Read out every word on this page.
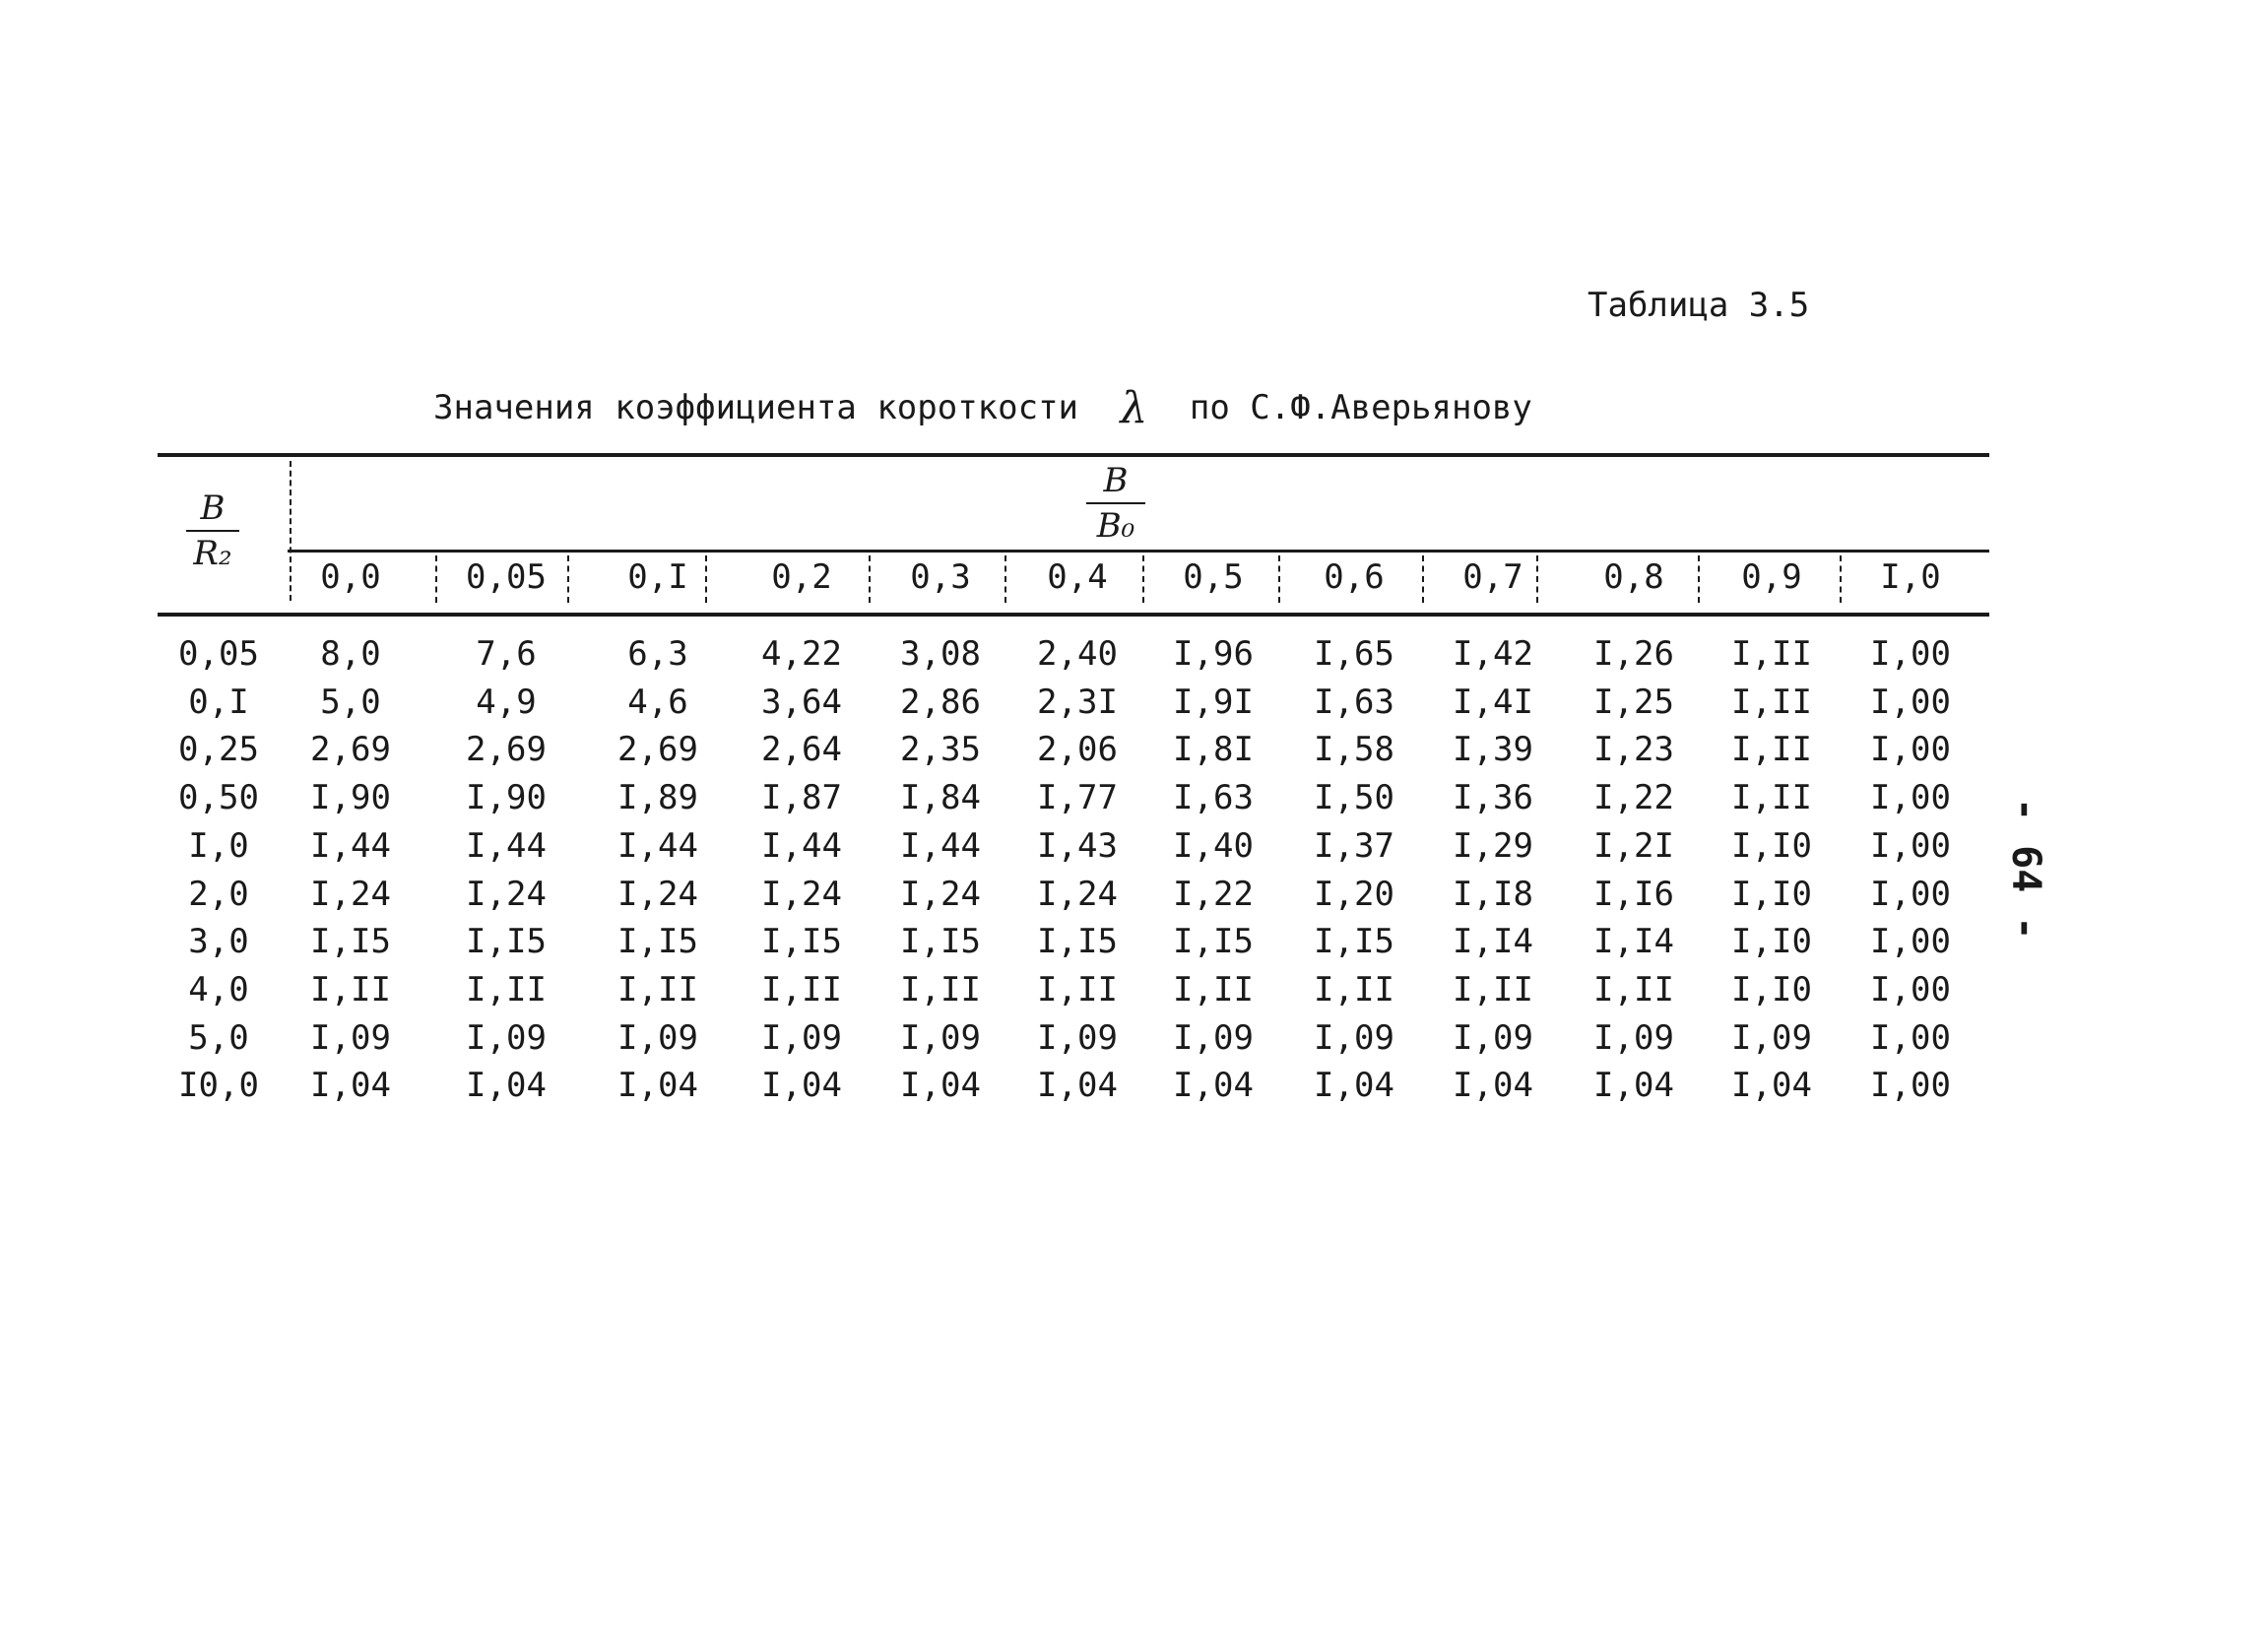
Таблица 3.5
Значения коэффициента короткости λ по С.Ф.Аверьянову
B
R₂
B
B₀
0,0	0,05	0,I	0,2	0,3	0,4	0,5	0,6	0,7	0,8	0,9	I,0
0,05	8,0	7,6	6,3	4,22	3,08	2,40	I,96	I,65	I,42	I,26	I,II	I,00
0,I	5,0	4,9	4,6	3,64	2,86	2,3I	I,9I	I,63	I,4I	I,25	I,II	I,00
0,25	2,69	2,69	2,69	2,64	2,35	2,06	I,8I	I,58	I,39	I,23	I,II	I,00
0,50	I,90	I,90	I,89	I,87	I,84	I,77	I,63	I,50	I,36	I,22	I,II	I,00
I,0	I,44	I,44	I,44	I,44	I,44	I,43	I,40	I,37	I,29	I,2I	I,I0	I,00
2,0	I,24	I,24	I,24	I,24	I,24	I,24	I,22	I,20	I,I8	I,I6	I,I0	I,00
3,0	I,I5	I,I5	I,I5	I,I5	I,I5	I,I5	I,I5	I,I5	I,I4	I,I4	I,I0	I,00
4,0	I,II	I,II	I,II	I,II	I,II	I,II	I,II	I,II	I,II	I,II	I,I0	I,00
5,0	I,09	I,09	I,09	I,09	I,09	I,09	I,09	I,09	I,09	I,09	I,09	I,00
I0,0	I,04	I,04	I,04	I,04	I,04	I,04	I,04	I,04	I,04	I,04	I,04	I,00
- 64 -
